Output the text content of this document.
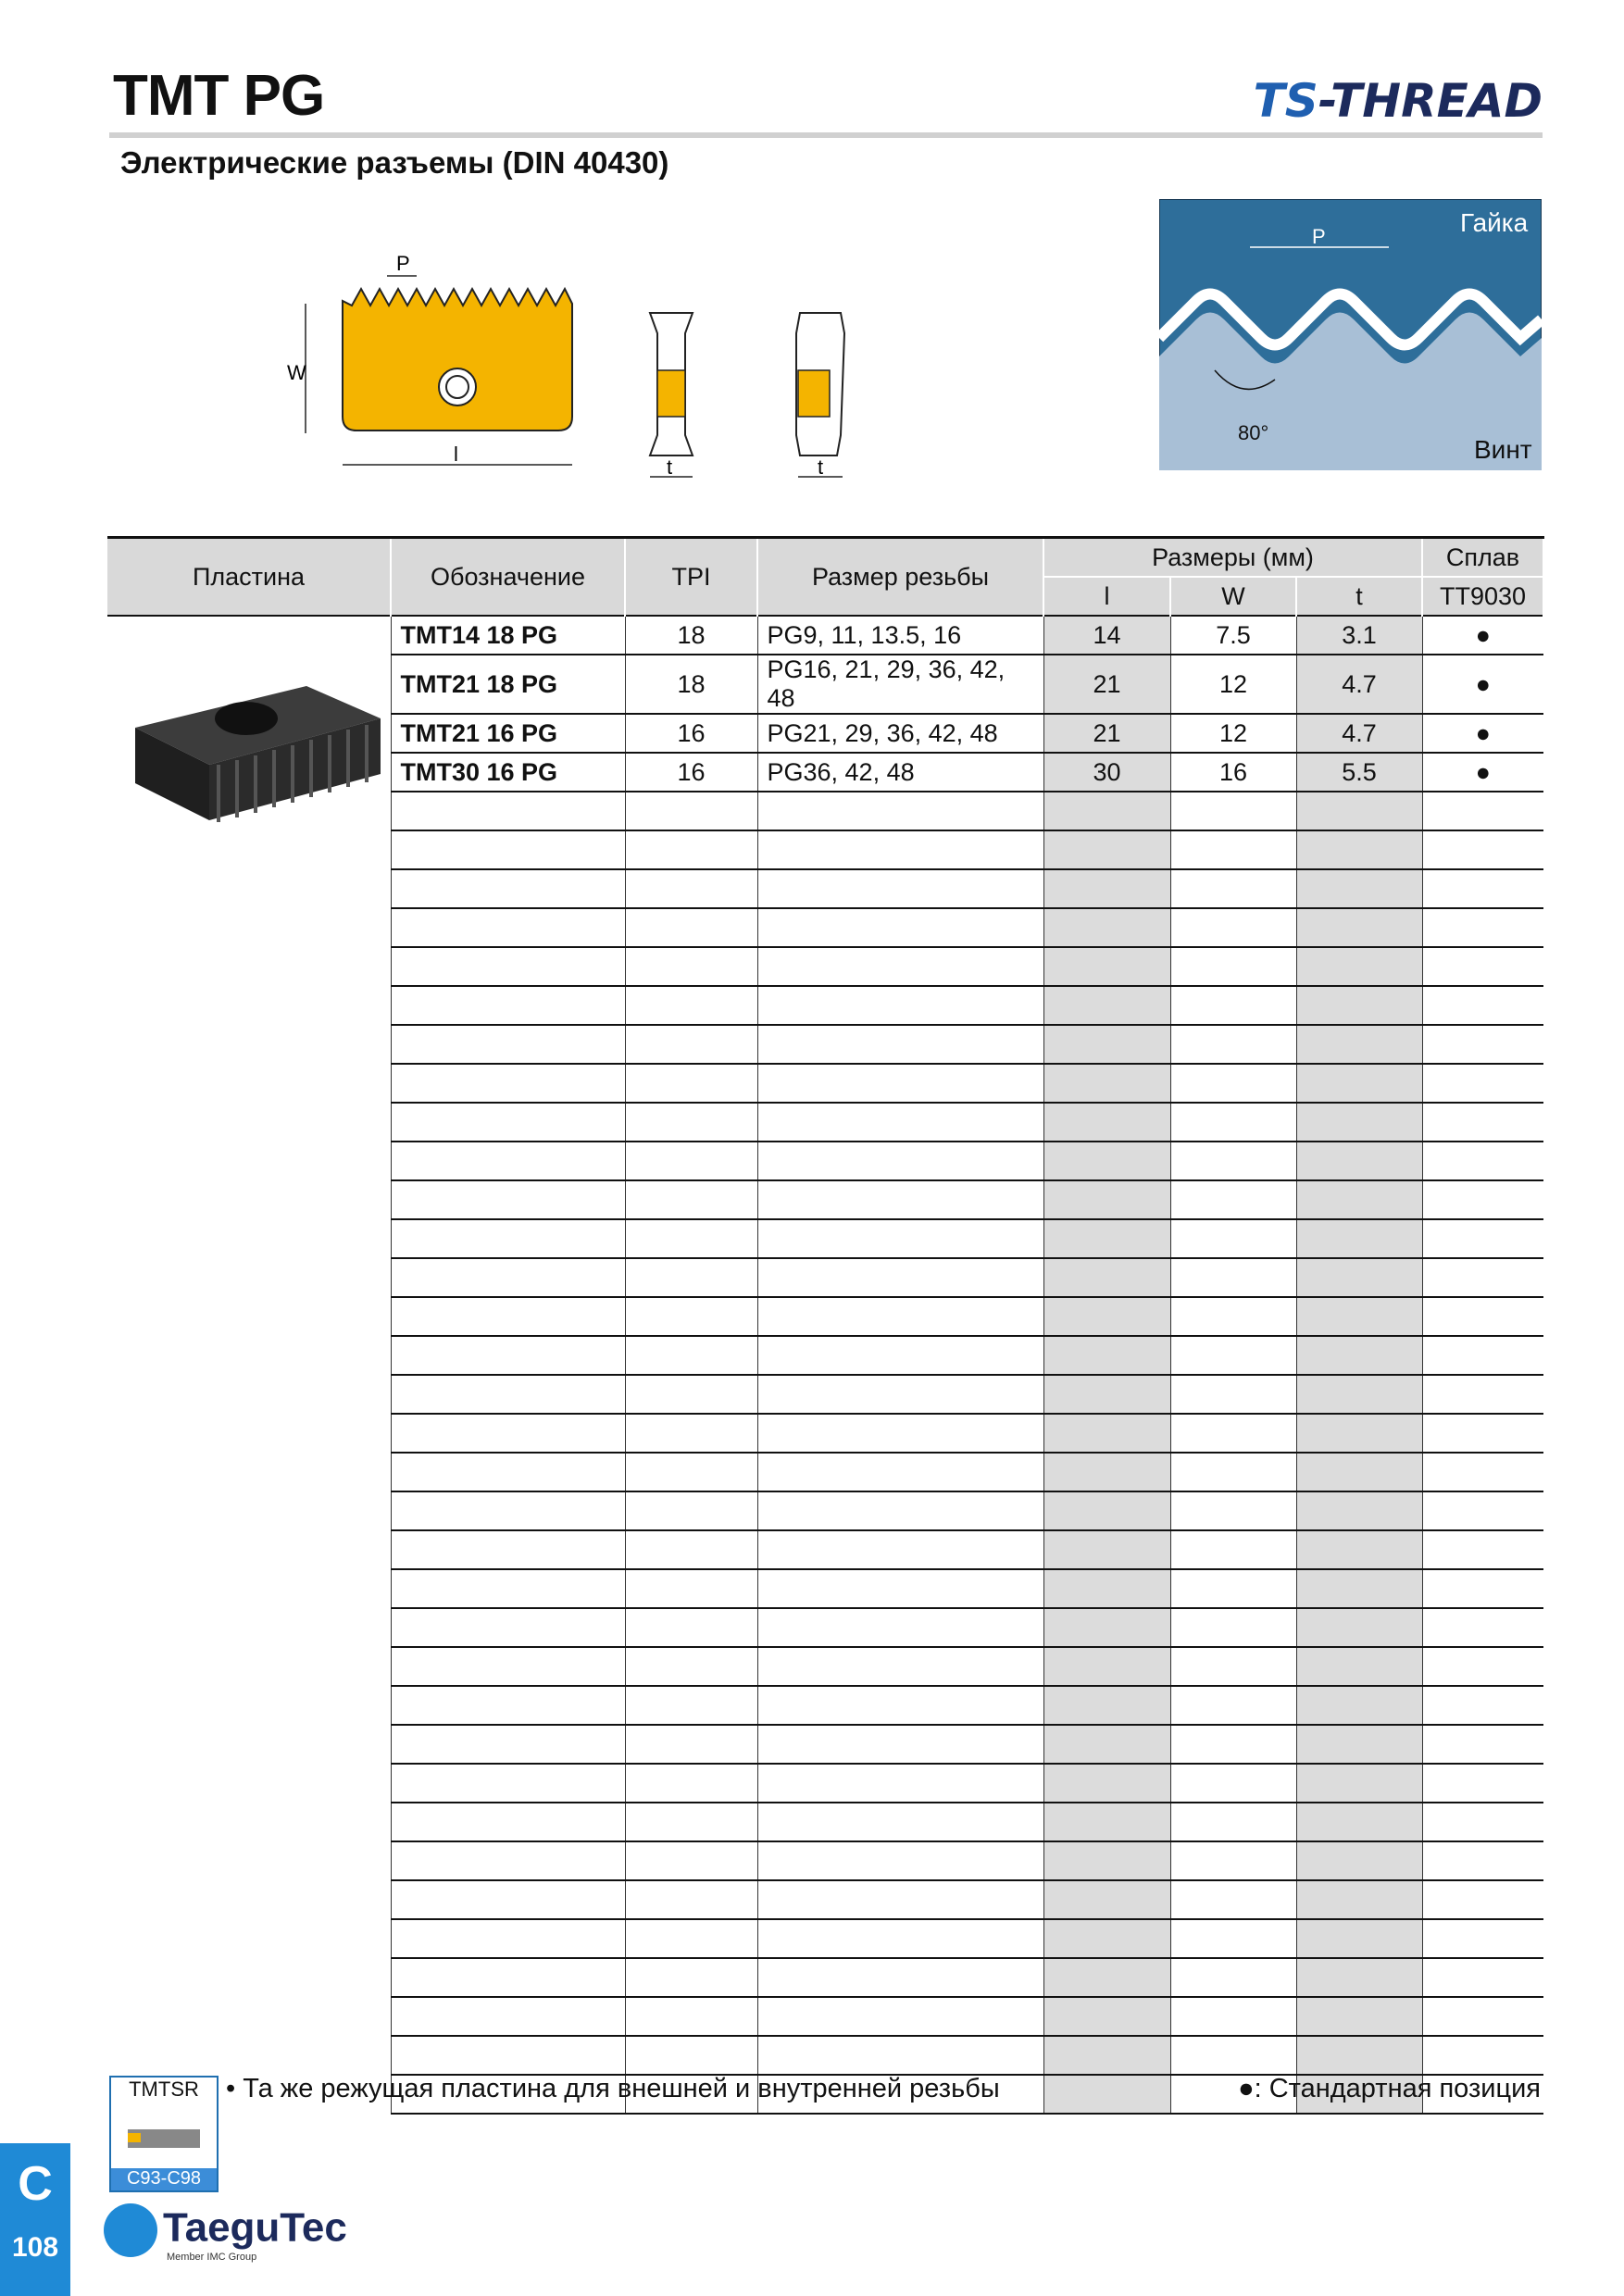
TMT PG	TS-THREAD
Электрические разъемы (DIN 40430)
W
l
P
t	t
P	Гайка
Винт
80°
Пластина	Обозначение	TPI	Размер резьбы	Размеры (мм)			Сплав
				l	W	t	TT9030
	TMT14 18 PG	18	PG9, 11, 13.5, 16	14	7.5	3.1	●
	TMT21 18 PG	18	PG16, 21, 29, 36, 42, 48	21	12	4.7	●
	TMT21 16 PG	16	PG21, 29, 36, 42, 48	21	12	4.7	●
	TMT30 16 PG	16	PG36, 42, 48	30	16	5.5	●

TMTSR
C93-C98
• Та же режущая пластина для внешней и внутренней резьбы	●: Стандартная позиция
C
108	TaeguTec
Member IMC Group
